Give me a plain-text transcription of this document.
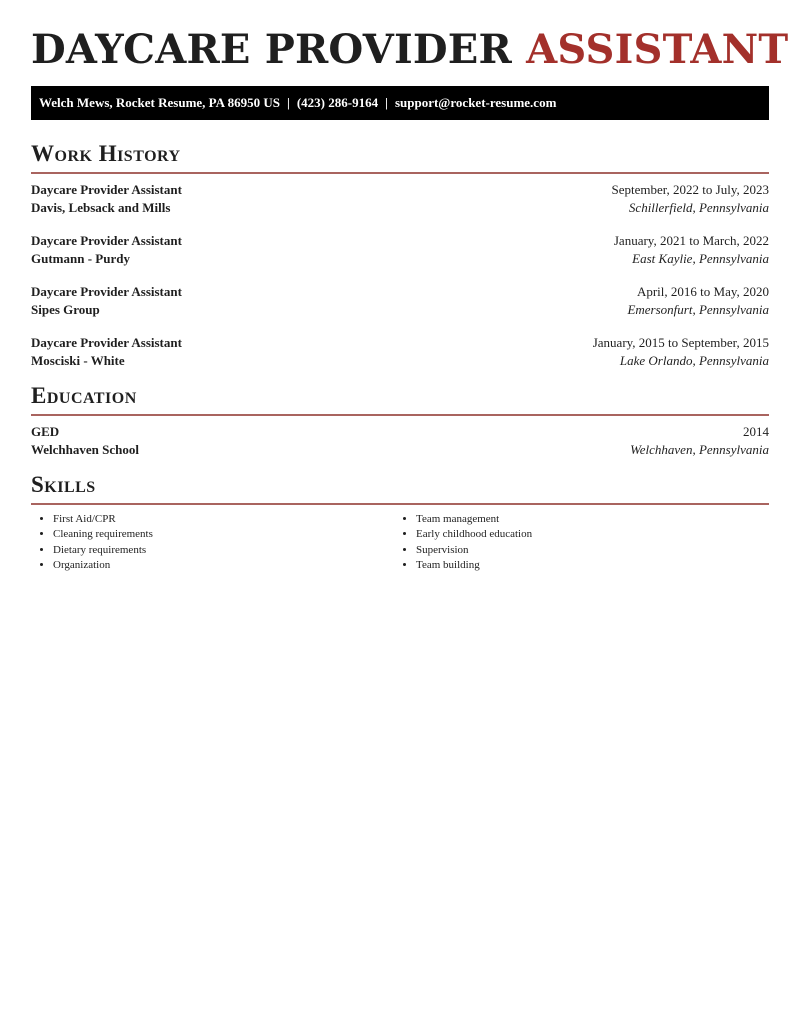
DAYCARE PROVIDER ASSISTANT
Welch Mews, Rocket Resume, PA 86950 US | (423) 286-9164 | support@rocket-resume.com
Work History
Daycare Provider Assistant	September, 2022 to July, 2023
Davis, Lebsack and Mills	Schillerfield, Pennsylvania
Daycare Provider Assistant	January, 2021 to March, 2022
Gutmann - Purdy	East Kaylie, Pennsylvania
Daycare Provider Assistant	April, 2016 to May, 2020
Sipes Group	Emersonfurt, Pennsylvania
Daycare Provider Assistant	January, 2015 to September, 2015
Mosciski - White	Lake Orlando, Pennsylvania
Education
GED	2014
Welchhaven School	Welchhaven, Pennsylvania
Skills
• First Aid/CPR
• Cleaning requirements
• Dietary requirements
• Organization
• Team management
• Early childhood education
• Supervision
• Team building
